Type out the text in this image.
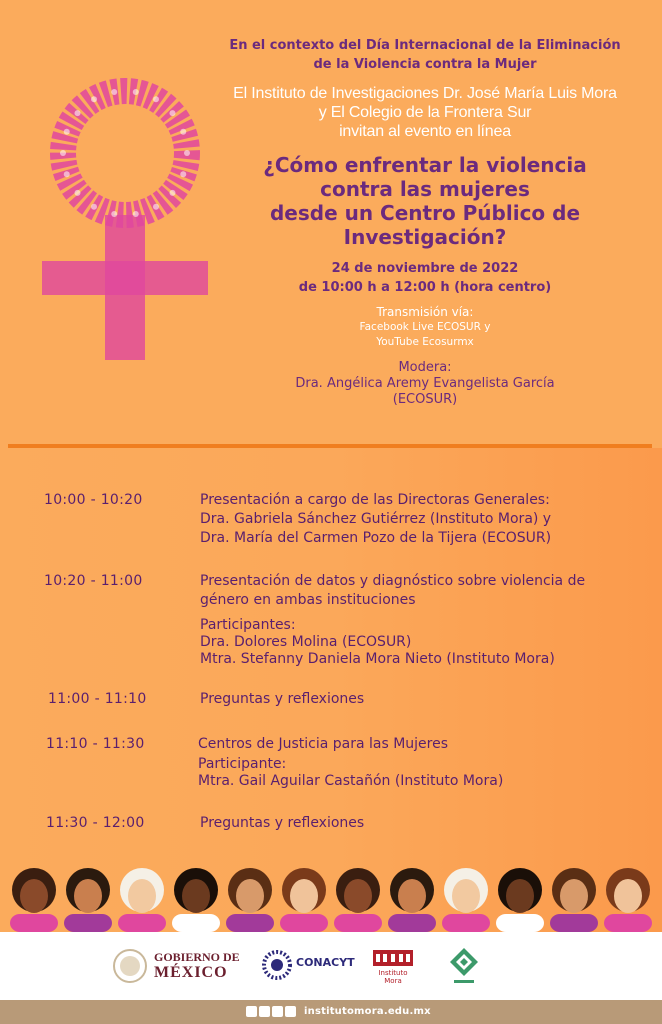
En el contexto del Día Internacional de la Eliminación
de la Violencia contra la Mujer
El Instituto de Investigaciones Dr. José María Luis Mora
y El Colegio de la Frontera Sur
invitan al evento en línea
¿Cómo enfrentar la violencia
contra las mujeres
desde un Centro Público de
Investigación?
24 de noviembre de 2022
de 10:00 h a 12:00 h (hora centro)
Transmisión vía:
Facebook Live ECOSUR y
YouTube Ecosurmx
Modera:
Dra. Angélica Aremy Evangelista García
(ECOSUR)
10:00 - 10:20	Presentación a cargo de las Directoras Generales:
Dra. Gabriela Sánchez Gutiérrez (Instituto Mora) y
Dra. María del Carmen Pozo de la Tijera (ECOSUR)
10:20 - 11:00	Presentación de datos y diagnóstico sobre violencia de
género en ambas instituciones
Participantes:
Dra. Dolores Molina (ECOSUR)
Mtra. Stefanny Daniela Mora Nieto (Instituto Mora)
11:00 - 11:10	Preguntas y reflexiones
11:10 - 11:30	Centros de Justicia para las Mujeres
Participante:
Mtra. Gail Aguilar Castañón (Instituto Mora)
11:30 - 12:00	Preguntas y reflexiones
GOBIERNO DE
MÉXICO
CONACYT
Instituto
Mora
institutomora.edu.mx
